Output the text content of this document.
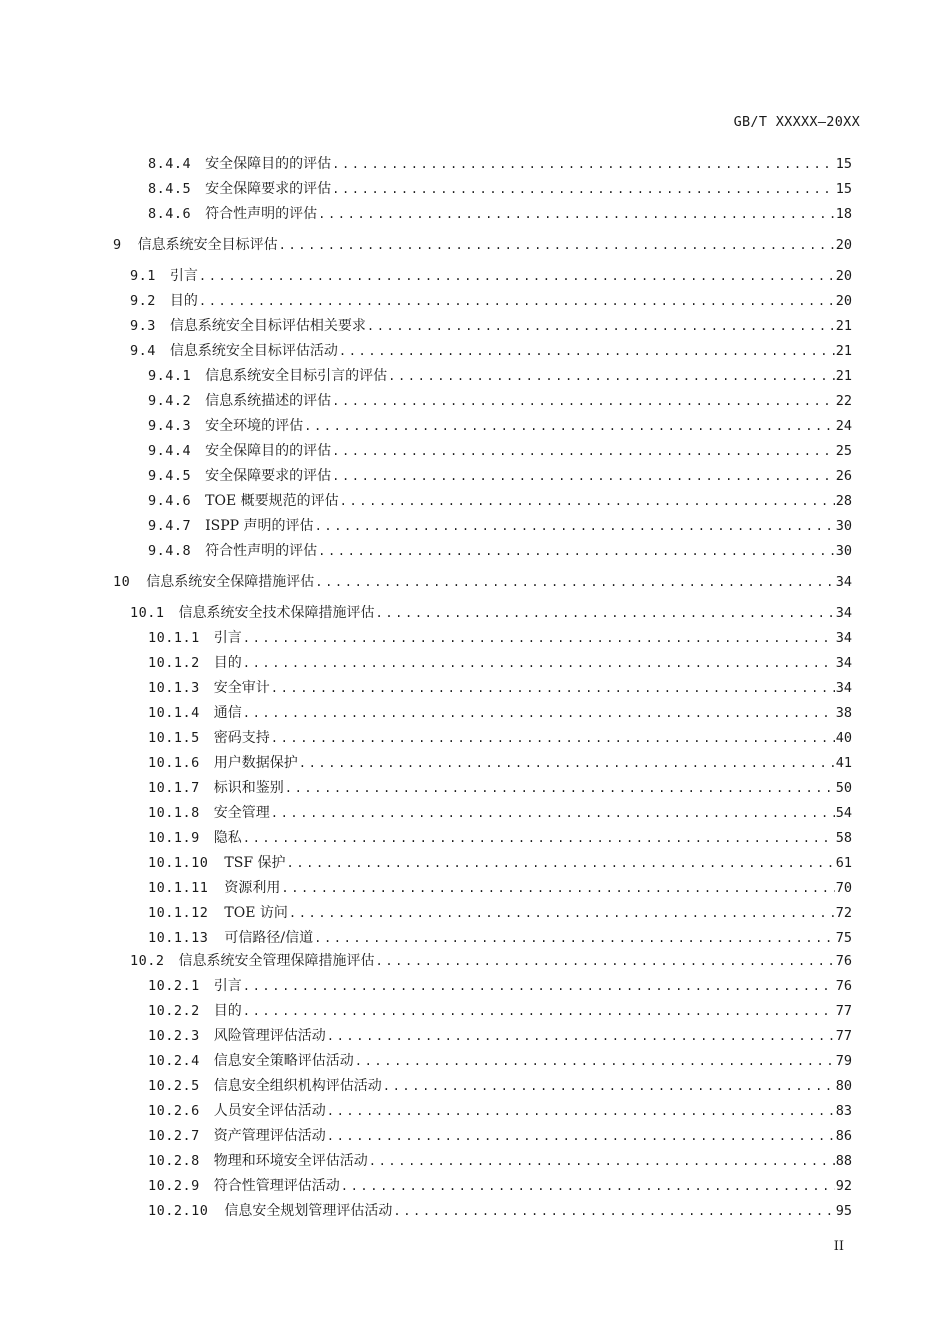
GB/T XXXXX—20XX
8.4.4 安全保障目的的评估 .....	15
8.4.5 安全保障要求的评估 .....	15
8.4.6 符合性声明的评估 .....	18
9 信息系统安全目标评估 .....	20
9.1 引言 .....	20
9.2 目的 .....	20
9.3 信息系统安全目标评估相关要求 .....	21
9.4 信息系统安全目标评估活动 .....	21
9.4.1 信息系统安全目标引言的评估 .....	21
9.4.2 信息系统描述的评估 .....	22
9.4.3 安全环境的评估 .....	24
9.4.4 安全保障目的的评估 .....	25
9.4.5 安全保障要求的评估 .....	26
9.4.6 TOE 概要规范的评估 .....	28
9.4.7 ISPP 声明的评估 .....	30
9.4.8 符合性声明的评估 .....	30
10 信息系统安全保障措施评估 .....	34
10.1 信息系统安全技术保障措施评估 .....	34
10.1.1 引言 .....	34
10.1.2 目的 .....	34
10.1.3 安全审计 .....	34
10.1.4 通信 .....	38
10.1.5 密码支持 .....	40
10.1.6 用户数据保护 .....	41
10.1.7 标识和鉴别 .....	50
10.1.8 安全管理 .....	54
10.1.9 隐私 .....	58
10.1.10 TSF 保护 .....	61
10.1.11 资源利用 .....	70
10.1.12 TOE 访问 .....	72
10.1.13 可信路径/信道 .....	75
10.2 信息系统安全管理保障措施评估 .....	76
10.2.1 引言 .....	76
10.2.2 目的 .....	77
10.2.3 风险管理评估活动 .....	77
10.2.4 信息安全策略评估活动 .....	79
10.2.5 信息安全组织机构评估活动 .....	80
10.2.6 人员安全评估活动 .....	83
10.2.7 资产管理评估活动 .....	86
10.2.8 物理和环境安全评估活动 .....	88
10.2.9 符合性管理评估活动 .....	92
10.2.10 信息安全规划管理评估活动 .....	95
II
